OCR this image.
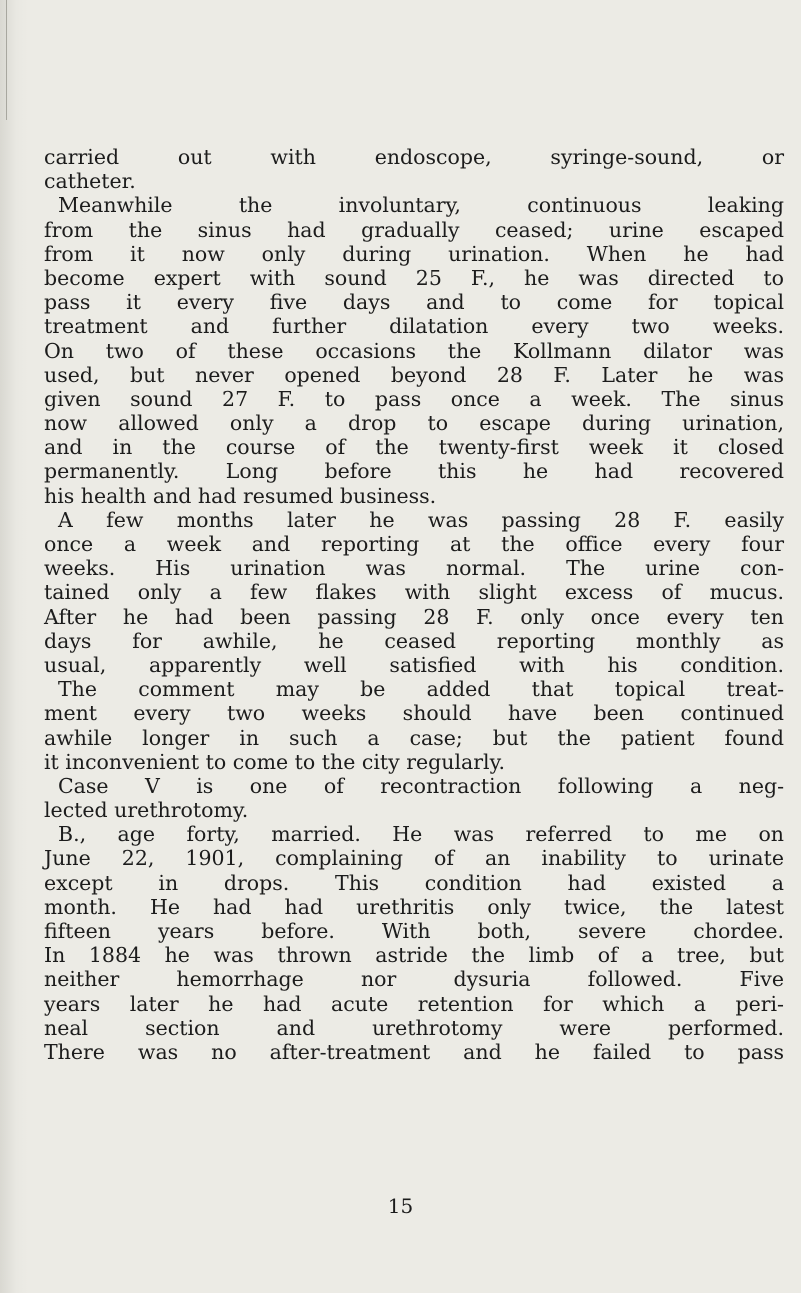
carried out with endoscope, syringe-sound, or
catheter.
Meanwhile the involuntary, continuous leaking
from the sinus had gradually ceased; urine escaped
from it now only during urination. When he had
become expert with sound 25 F., he was directed to
pass it every five days and to come for topical
treatment and further dilatation every two weeks.
On two of these occasions the Kollmann dilator was
used, but never opened beyond 28 F. Later he was
given sound 27 F. to pass once a week. The sinus
now allowed only a drop to escape during urination,
and in the course of the twenty-first week it closed
permanently. Long before this he had recovered
his health and had resumed business.
A few months later he was passing 28 F. easily
once a week and reporting at the office every four
weeks. His urination was normal. The urine con-
tained only a few flakes with slight excess of mucus.
After he had been passing 28 F. only once every ten
days for awhile, he ceased reporting monthly as
usual, apparently well satisfied with his condition.
The comment may be added that topical treat-
ment every two weeks should have been continued
awhile longer in such a case; but the patient found
it inconvenient to come to the city regularly.
Case V is one of recontraction following a neg-
lected urethrotomy.
B., age forty, married. He was referred to me on
June 22, 1901, complaining of an inability to urinate
except in drops. This condition had existed a
month. He had had urethritis only twice, the latest
fifteen years before. With both, severe chordee.
In 1884 he was thrown astride the limb of a tree, but
neither hemorrhage nor dysuria followed. Five
years later he had acute retention for which a peri-
neal section and urethrotomy were performed.
There was no after-treatment and he failed to pass
15
